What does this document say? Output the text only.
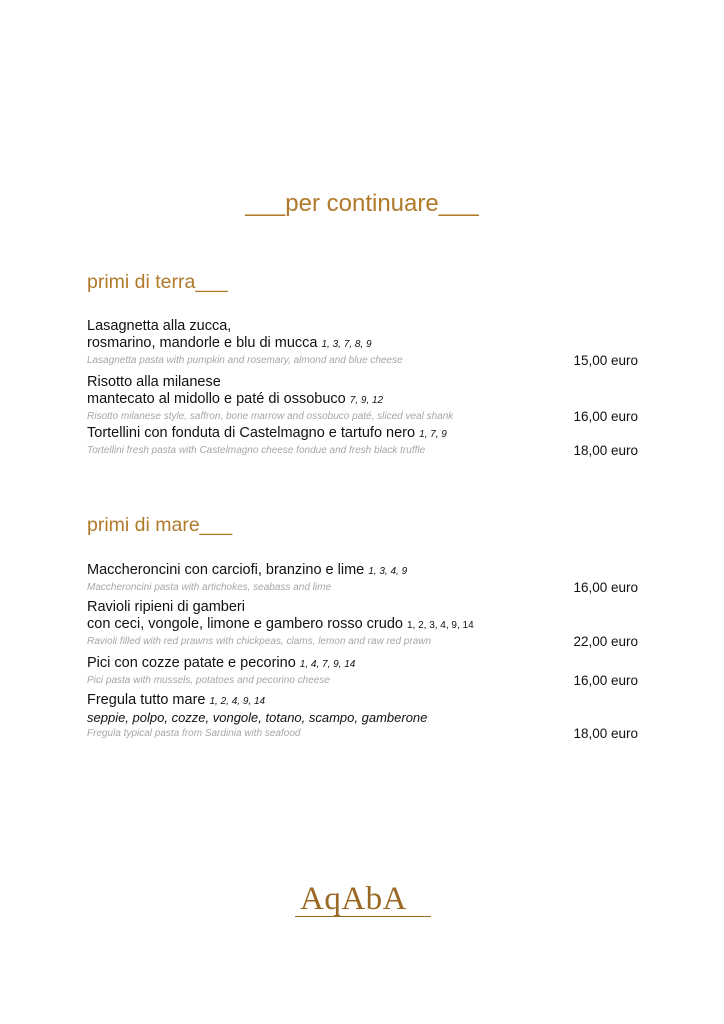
___per continuare___
primi di terra___
Lasagnetta alla zucca,
rosmarino, mandorle e blu di mucca 1, 3, 7, 8, 9
Lasagnetta pasta with pumpkin and rosemary, almond and blue cheese	15,00 euro
Risotto alla milanese
mantecato al midollo e paté di ossobuco 7, 9, 12
Risotto milanese style, saffron, bone marrow and ossobuco paté, sliced veal shank	16,00 euro
Tortellini con fonduta di Castelmagno e tartufo nero 1, 7, 9
Tortellini fresh pasta with Castelmagno cheese fondue and fresh black truffle	18,00 euro
primi di mare___
Maccheroncini con carciofi, branzino e lime 1, 3, 4, 9
Maccheroncini pasta with artichokes, seabass and lime	16,00 euro
Ravioli ripieni di gamberi
con ceci, vongole, limone e gambero rosso crudo 1, 2, 3, 4, 9, 14
Ravioli filled with red prawns with chickpeas, clams, lemon and raw red prawn	22,00 euro
Pici con cozze patate e pecorino 1, 4, 7, 9, 14
Pici pasta with mussels, potatoes and pecorino cheese	16,00 euro
Fregula tutto mare 1, 2, 4, 9, 14
seppie, polpo, cozze, vongole, totano, scampo, gamberone
Fregula typical pasta from Sardinia with seafood	18,00 euro
AqAbA
